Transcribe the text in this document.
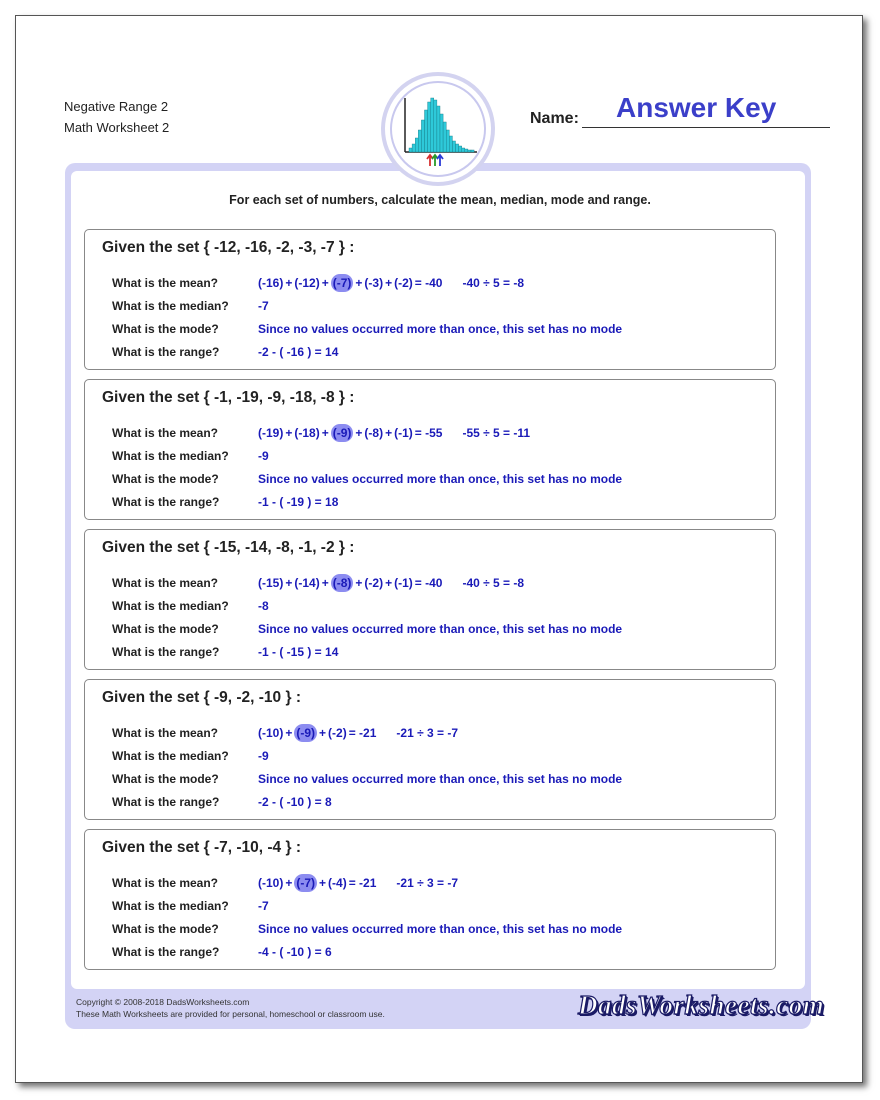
Negative Range 2
Math Worksheet 2
Name: Answer Key
For each set of numbers, calculate the mean, median, mode and range.
Given the set { -12, -16, -2, -3, -7 } :
What is the mean?	(-16) + (-12) + (-7) + (-3) + (-2) = -40 -40 ÷ 5 = -8
What is the median? -7
What is the mode?	Since no values occurred more than once, this set has no mode
What is the range?	-2 - ( -16 ) = 14
Given the set { -1, -19, -9, -18, -8 } :
What is the mean?	(-19) + (-18) + (-9) + (-8) + (-1) = -55 -55 ÷ 5 = -11
What is the median? -9
What is the mode?	Since no values occurred more than once, this set has no mode
What is the range?	-1 - ( -19 ) = 18
Given the set { -15, -14, -8, -1, -2 } :
What is the mean?	(-15) + (-14) + (-8) + (-2) + (-1) = -40 -40 ÷ 5 = -8
What is the median? -8
What is the mode?	Since no values occurred more than once, this set has no mode
What is the range?	-1 - ( -15 ) = 14
Given the set { -9, -2, -10 } :
What is the mean?	(-10) + (-9) + (-2) = -21 -21 ÷ 3 = -7
What is the median? -9
What is the mode?	Since no values occurred more than once, this set has no mode
What is the range?	-2 - ( -10 ) = 8
Given the set { -7, -10, -4 } :
What is the mean?	(-10) + (-7) + (-4) = -21 -21 ÷ 3 = -7
What is the median? -7
What is the mode?	Since no values occurred more than once, this set has no mode
What is the range?	-4 - ( -10 ) = 6
Copyright © 2008-2018 DadsWorksheets.com
These Math Worksheets are provided for personal, homeschool or classroom use.	DadsWorksheets.com
